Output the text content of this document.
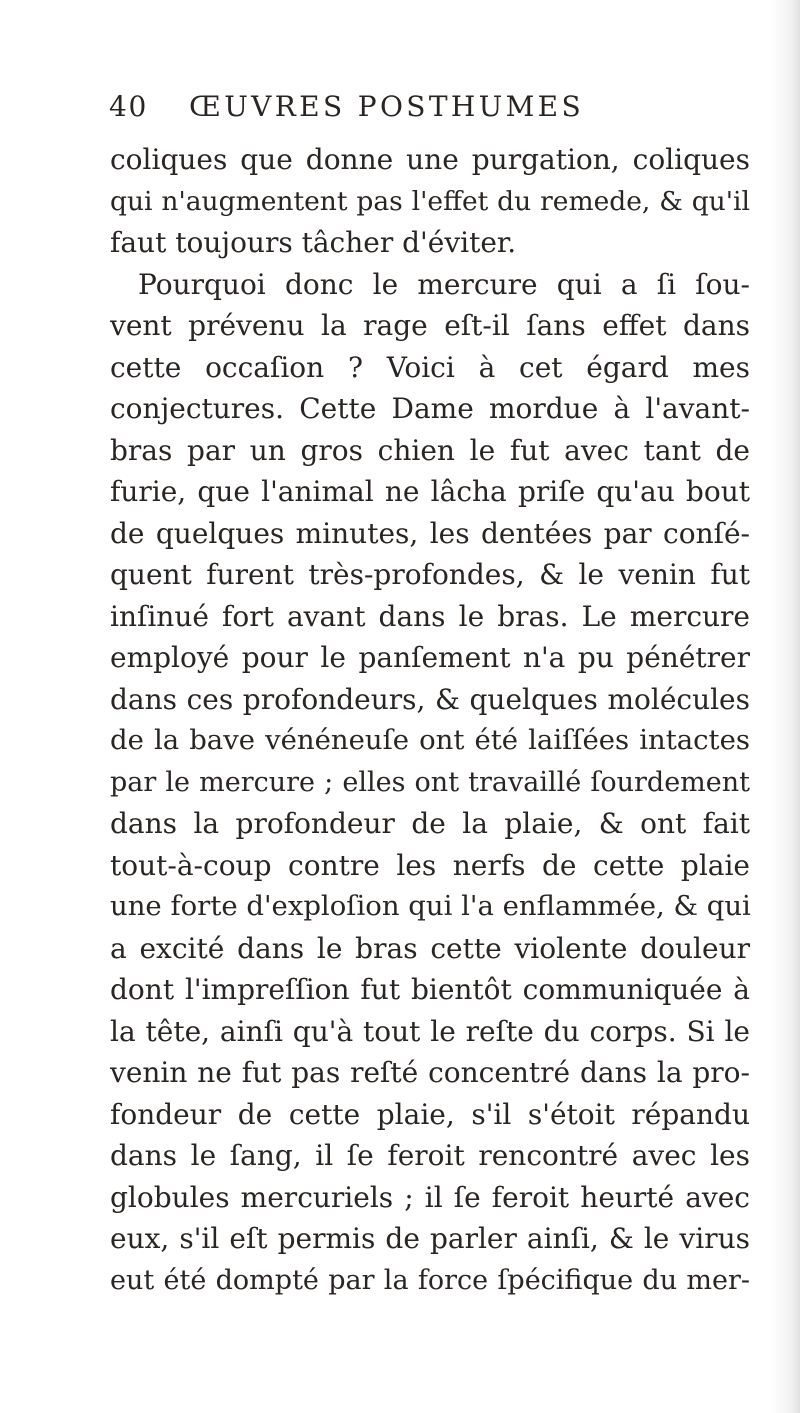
40	ŒUVRES POSTHUMES
coliques que donne une purgation, coliques
qui n'augmentent pas l'effet du remede, & qu'il
faut toujours tâcher d'éviter.
Pourquoi donc le mercure qui a ſi ſou-
vent prévenu la rage eſt-il ſans effet dans
cette occaſion ? Voici à cet égard mes
conjectures. Cette Dame mordue à l'avant-
bras par un gros chien le fut avec tant de
furie, que l'animal ne lâcha priſe qu'au bout
de quelques minutes, les dentées par conſé-
quent furent très-profondes, & le venin fut
inſinué fort avant dans le bras. Le mercure
employé pour le panſement n'a pu pénétrer
dans ces profondeurs, & quelques molécules
de la bave vénéneuſe ont été laiſſées intactes
par le mercure ; elles ont travaillé ſourdement
dans la profondeur de la plaie, & ont fait
tout-à-coup contre les nerfs de cette plaie
une forte d'exploſion qui l'a enflammée, & qui
a excité dans le bras cette violente douleur
dont l'impreſſion fut bientôt communiquée à
la tête, ainſi qu'à tout le reſte du corps. Si le
venin ne fut pas reſté concentré dans la pro-
fondeur de cette plaie, s'il s'étoit répandu
dans le ſang, il ſe feroit rencontré avec les
globules mercuriels ; il ſe feroit heurté avec
eux, s'il eſt permis de parler ainſi, & le virus
eut été dompté par la force ſpécifique du mer-
